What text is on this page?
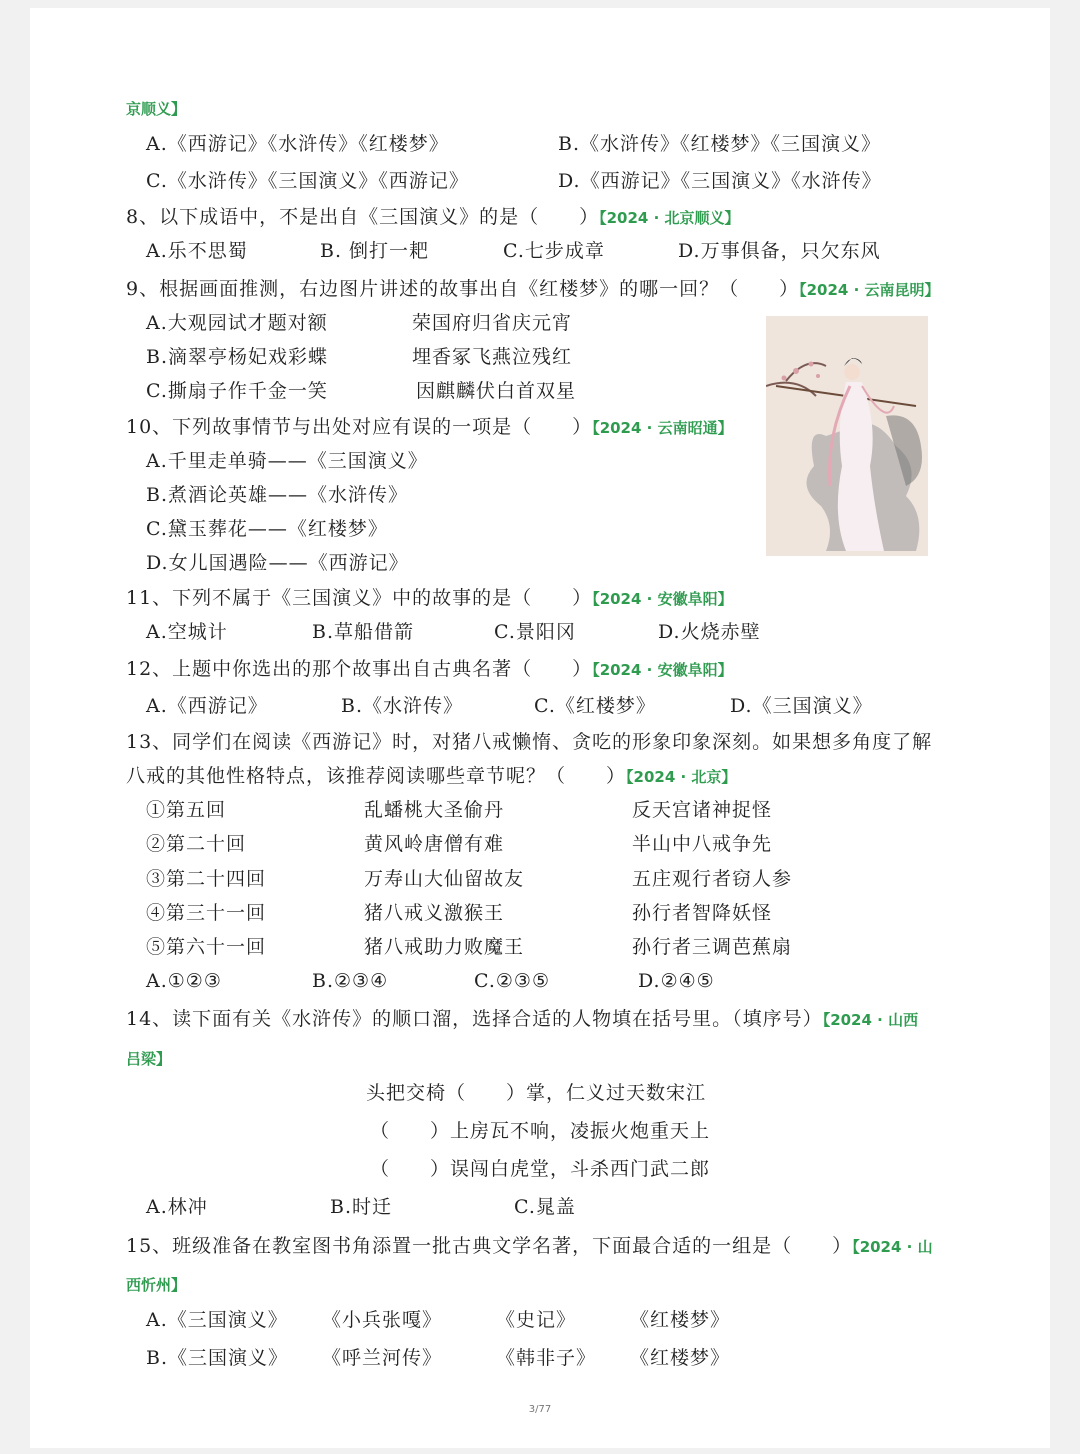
京顺义】
A.《西游记》《水浒传》《红楼梦》	B.《水浒传》《红楼梦》《三国演义》
C.《水浒传》《三国演义》《西游记》	D.《西游记》《三国演义》《水浒传》
8、以下成语中，不是出自《三国演义》的是（　　）【2024 · 北京顺义】
A.乐不思蜀	B. 倒打一耙	C.七步成章	D.万事俱备，只欠东风
9、根据画面推测，右边图片讲述的故事出自《红楼梦》的哪一回？（　　）【2024 · 云南昆明】
A.大观园试才题对额	荣国府归省庆元宵
B.滴翠亭杨妃戏彩蝶	埋香冢飞燕泣残红
C.撕扇子作千金一笑	因麒麟伏白首双星
10、下列故事情节与出处对应有误的一项是（　　）【2024 · 云南昭通】
A.千里走单骑——《三国演义》
B.煮酒论英雄——《水浒传》
C.黛玉葬花——《红楼梦》
D.女儿国遇险——《西游记》
11、下列不属于《三国演义》中的故事的是（　　）【2024 · 安徽阜阳】
A.空城计	B.草船借箭	C.景阳冈	D.火烧赤壁
12、上题中你选出的那个故事出自古典名著（　　）【2024 · 安徽阜阳】
A.《西游记》	B.《水浒传》	C.《红楼梦》	D.《三国演义》
13、同学们在阅读《西游记》时，对猪八戒懒惰、贪吃的形象印象深刻。如果想多角度了解
八戒的其他性格特点，该推荐阅读哪些章节呢？（　　）【2024 · 北京】
①第五回	乱蟠桃大圣偷丹	反天宫诸神捉怪
②第二十回	黄风岭唐僧有难	半山中八戒争先
③第二十四回	万寿山大仙留故友	五庄观行者窃人参
④第三十一回	猪八戒义激猴王	孙行者智降妖怪
⑤第六十一回	猪八戒助力败魔王	孙行者三调芭蕉扇
A.①②③	B.②③④	C.②③⑤	D.②④⑤
14、读下面有关《水浒传》的顺口溜，选择合适的人物填在括号里。（填序号）【2024 · 山西
吕梁】
头把交椅（　　）掌，仁义过天数宋江
（　　）上房瓦不响，凌振火炮重天上
（　　）误闯白虎堂，斗杀西门武二郎
A.林冲	B.时迁	C.晁盖
15、班级准备在教室图书角添置一批古典文学名著，下面最合适的一组是（　　）【2024 · 山
西忻州】
A.《三国演义》 《小兵张嘎》	《史记》	《红楼梦》
B.《三国演义》 《呼兰河传》	《韩非子》 《红楼梦》
3/77
